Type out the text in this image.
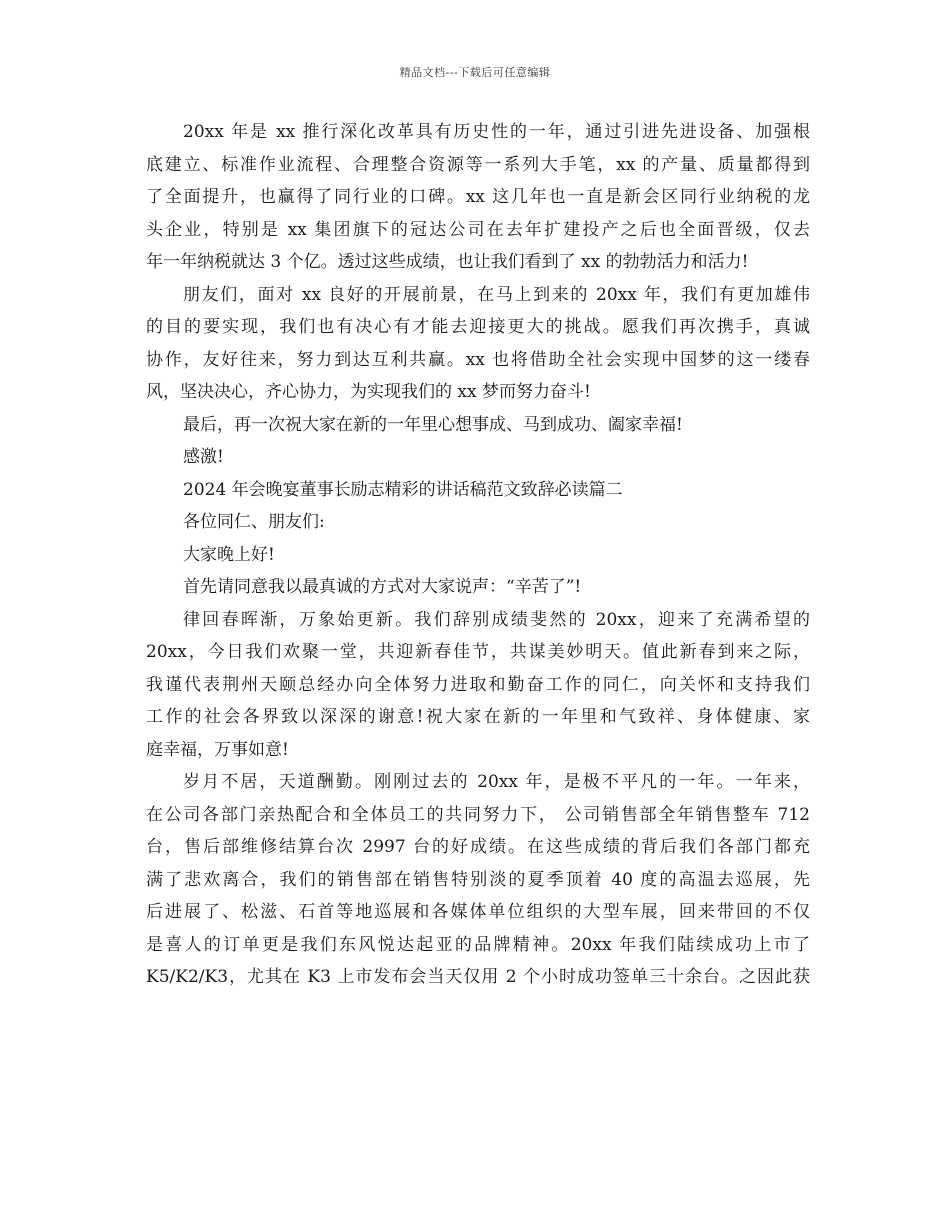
精品文档---下载后可任意编辑
20xx 年是 xx 推行深化改革具有历史性的一年，通过引进先进设备、加强根
底建立、标准作业流程、合理整合资源等一系列大手笔，xx 的产量、质量都得到
了全面提升，也赢得了同行业的口碑。xx 这几年也一直是新会区同行业纳税的龙
头企业，特别是 xx 集团旗下的冠达公司在去年扩建投产之后也全面晋级，仅去
年一年纳税就达 3 个亿。透过这些成绩，也让我们看到了 xx 的勃勃活力和活力!
朋友们，面对 xx 良好的开展前景，在马上到来的 20xx 年，我们有更加雄伟
的目的要实现，我们也有决心有才能去迎接更大的挑战。愿我们再次携手，真诚
协作，友好往来，努力到达互利共赢。xx 也将借助全社会实现中国梦的这一缕春
风，坚决决心，齐心协力，为实现我们的 xx 梦而努力奋斗!
最后，再一次祝大家在新的一年里心想事成、马到成功、阖家幸福!
感激!
2024 年会晚宴董事长励志精彩的讲话稿范文致辞必读篇二
各位同仁、朋友们:
大家晚上好!
首先请同意我以最真诚的方式对大家说声：“辛苦了”!
律回春晖渐，万象始更新。我们辞别成绩斐然的 20xx，迎来了充满希望的
20xx，今日我们欢聚一堂，共迎新春佳节，共谋美妙明天。值此新春到来之际，
我谨代表荆州天颐总经办向全体努力进取和勤奋工作的同仁，向关怀和支持我们
工作的社会各界致以深深的谢意!祝大家在新的一年里和气致祥、身体健康、家
庭幸福，万事如意!
岁月不居，天道酬勤。刚刚过去的 20xx 年，是极不平凡的一年。一年来，
在公司各部门亲热配合和全体员工的共同努力下， 公司销售部全年销售整车 712
台，售后部维修结算台次 2997 台的好成绩。在这些成绩的背后我们各部门都充
满了悲欢离合，我们的销售部在销售特别淡的夏季顶着 40 度的高温去巡展，先
后进展了、松滋、石首等地巡展和各媒体单位组织的大型车展，回来带回的不仅
是喜人的订单更是我们东风悦达起亚的品牌精神。20xx 年我们陆续成功上市了
K5/K2/K3，尤其在 K3 上市发布会当天仅用 2 个小时成功签单三十余台。之因此获
